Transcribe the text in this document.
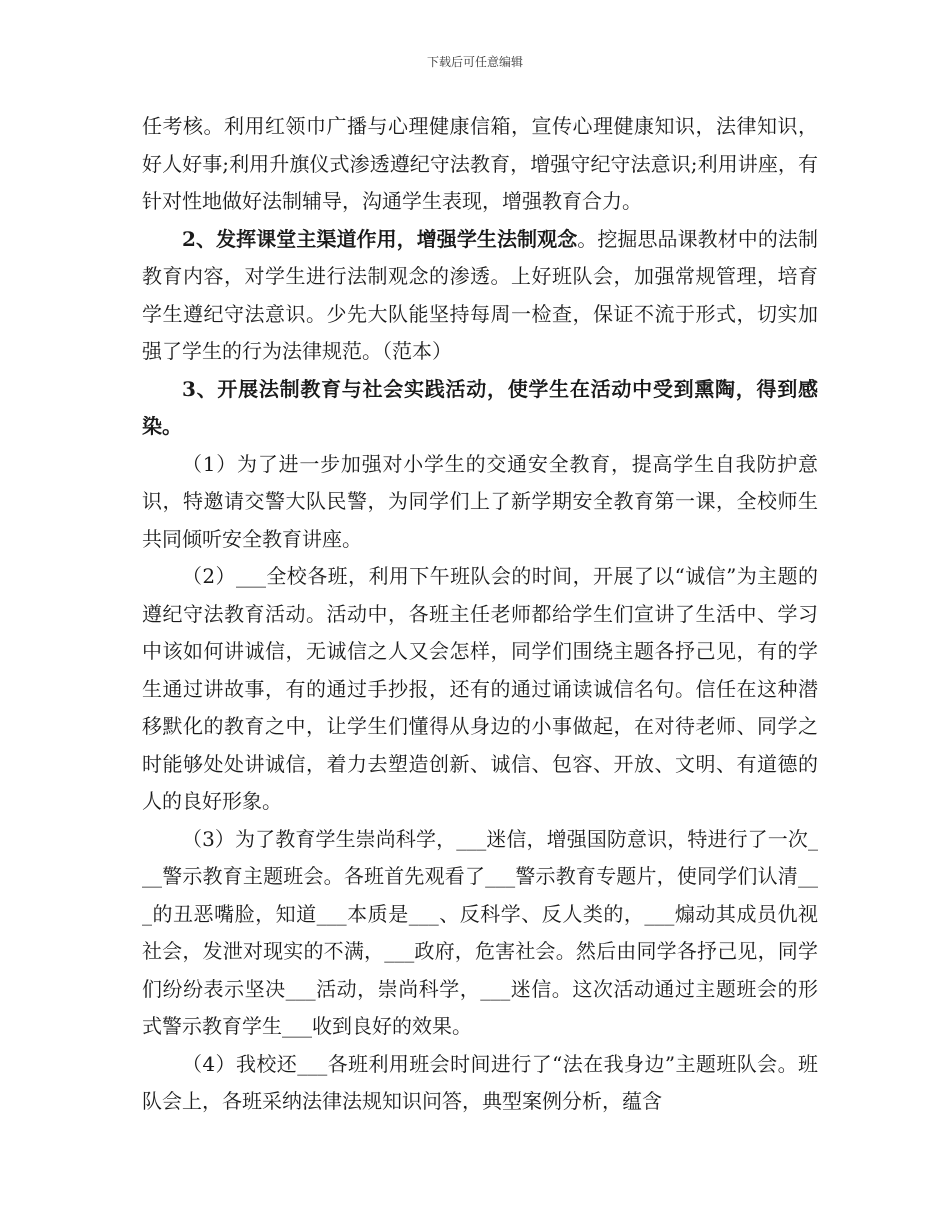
下载后可任意编辑

任考核。利用红领巾广播与心理健康信箱，宣传心理健康知识，法律知识，好人好事;利用升旗仪式渗透遵纪守法教育，增强守纪守法意识;利用讲座，有针对性地做好法制辅导，沟通学生表现，增强教育合力。

2、发挥课堂主渠道作用，增强学生法制观念。挖掘思品课教材中的法制教育内容，对学生进行法制观念的渗透。上好班队会，加强常规管理，培育学生遵纪守法意识。少先大队能坚持每周一检查，保证不流于形式，切实加强了学生的行为法律规范。（范本）

3、开展法制教育与社会实践活动，使学生在活动中受到熏陶，得到感染。

（1）为了进一步加强对小学生的交通安全教育，提高学生自我防护意识，特邀请交警大队民警，为同学们上了新学期安全教育第一课，全校师生共同倾听安全教育讲座。

（2）___全校各班，利用下午班队会的时间，开展了以“诚信”为主题的遵纪守法教育活动。活动中，各班主任老师都给学生们宣讲了生活中、学习中该如何讲诚信，无诚信之人又会怎样，同学们围绕主题各抒己见，有的学生通过讲故事，有的通过手抄报，还有的通过诵读诚信名句。信任在这种潜移默化的教育之中，让学生们懂得从身边的小事做起，在对待老师、同学之时能够处处讲诚信，着力去塑造创新、诚信、包容、开放、文明、有道德的人的良好形象。

（3）为了教育学生崇尚科学，___迷信，增强国防意识，特进行了一次___警示教育主题班会。各班首先观看了___警示教育专题片，使同学们认清___的丑恶嘴脸，知道___本质是___、反科学、反人类的，___煽动其成员仇视社会，发泄对现实的不满，___政府，危害社会。然后由同学各抒己见，同学们纷纷表示坚决___活动，崇尚科学，___迷信。这次活动通过主题班会的形式警示教育学生___收到良好的效果。

（4）我校还___各班利用班会时间进行了“法在我身边”主题班队会。班队会上，各班采纳法律法规知识问答，典型案例分析，蕴含
